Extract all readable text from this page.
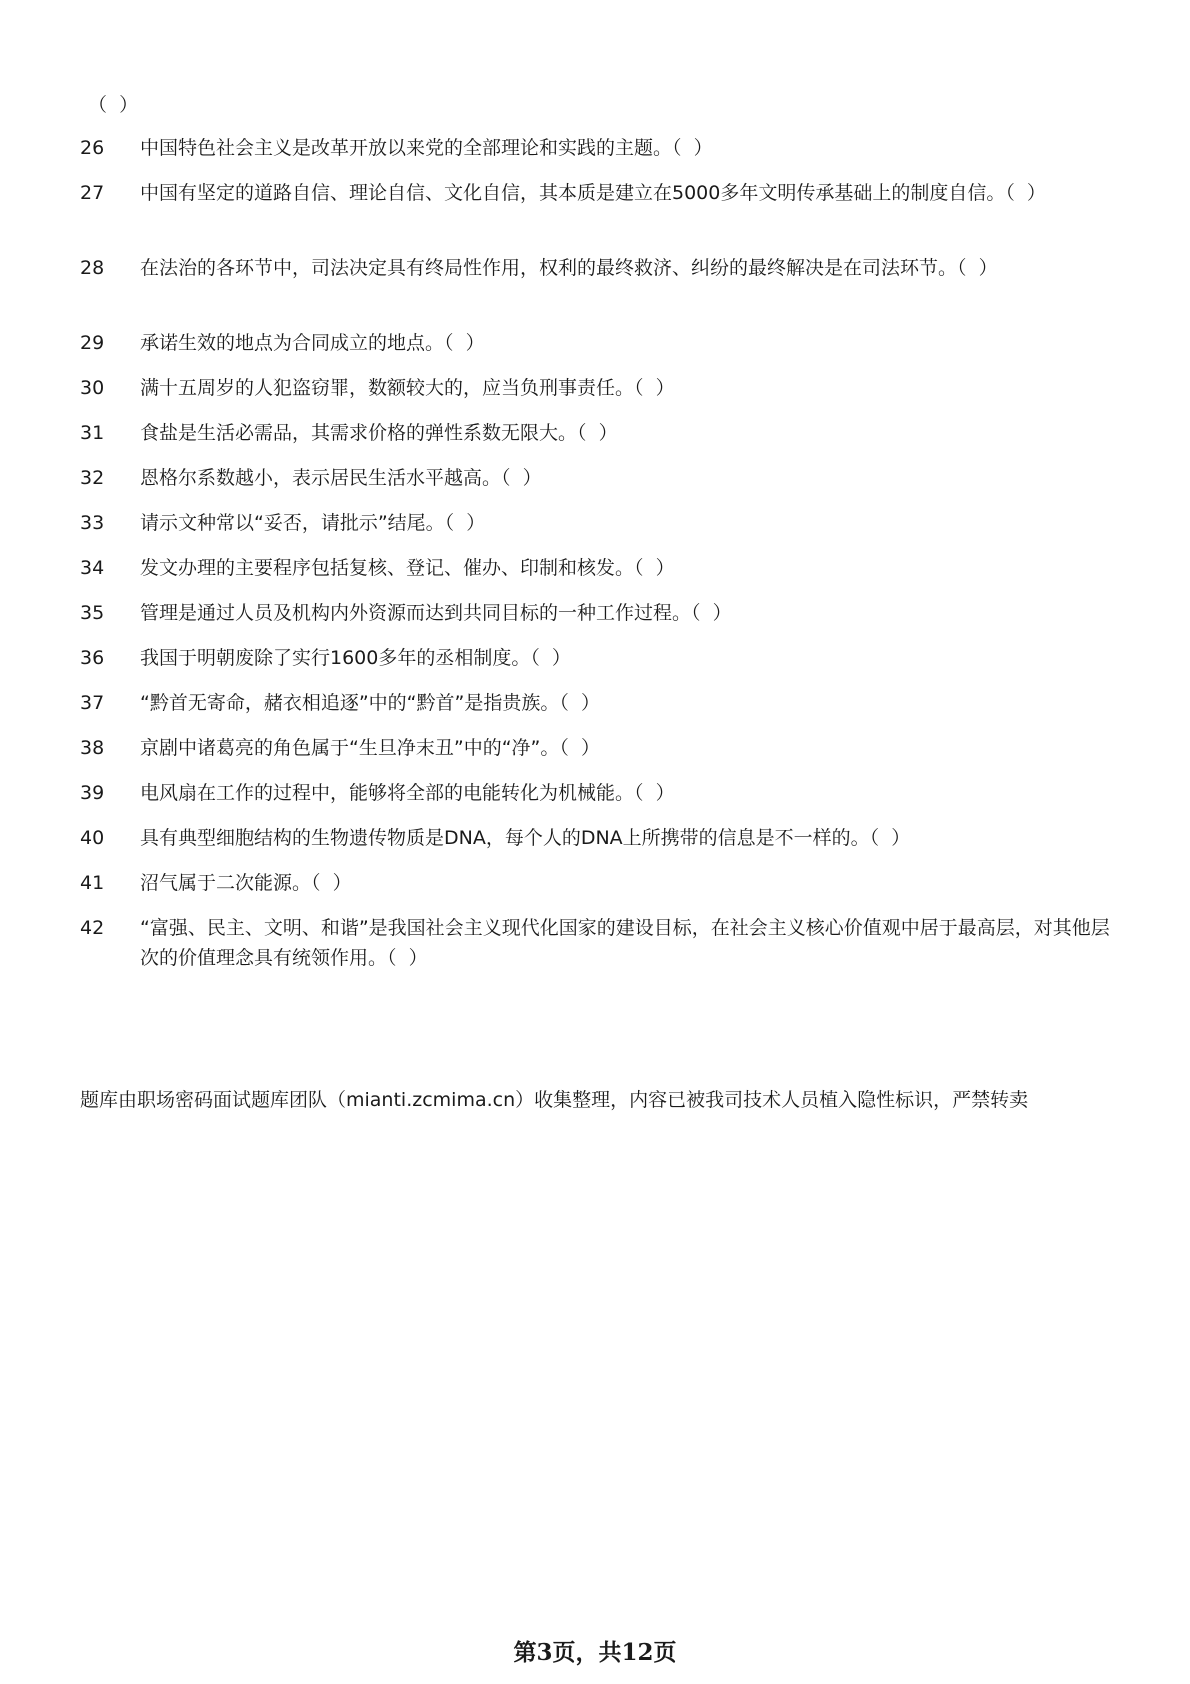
（  ）
26 中国特色社会主义是改革开放以来党的全部理论和实践的主题。（  ）
27 中国有坚定的道路自信、理论自信、文化自信，其本质是建立在5000多年文明传承基础上的制度自信。（  ）
28 在法治的各环节中，司法决定具有终局性作用，权利的最终救济、纠纷的最终解决是在司法环节。（  ）
29 承诺生效的地点为合同成立的地点。（  ）
30 满十五周岁的人犯盗窃罪，数额较大的，应当负刑事责任。（  ）
31 食盐是生活必需品，其需求价格的弹性系数无限大。（  ）
32 恩格尔系数越小，表示居民生活水平越高。（  ）
33 请示文种常以“妥否，请批示”结尾。（  ）
34 发文办理的主要程序包括复核、登记、催办、印制和核发。（  ）
35 管理是通过人员及机构内外资源而达到共同目标的一种工作过程。（  ）
36 我国于明朝废除了实行1600多年的丞相制度。（  ）
37 “黔首无寄命，赭衣相追逐”中的“黔首”是指贵族。（  ）
38 京剧中诸葛亮的角色属于“生旦净末丑”中的“净”。（  ）
39 电风扇在工作的过程中，能够将全部的电能转化为机械能。（  ）
40 具有典型细胞结构的生物遗传物质是DNA，每个人的DNA上所携带的信息是不一样的。（  ）
41 沼气属于二次能源。（  ）
42 “富强、民主、文明、和谐”是我国社会主义现代化国家的建设目标，在社会主义核心价值观中居于最高层，对其他层次的价值理念具有统领作用。（  ）
题库由职场密码面试题库团队（mianti.zcmima.cn）收集整理，内容已被我司技术人员植入隐性标识，严禁转卖
第3页，共12页
